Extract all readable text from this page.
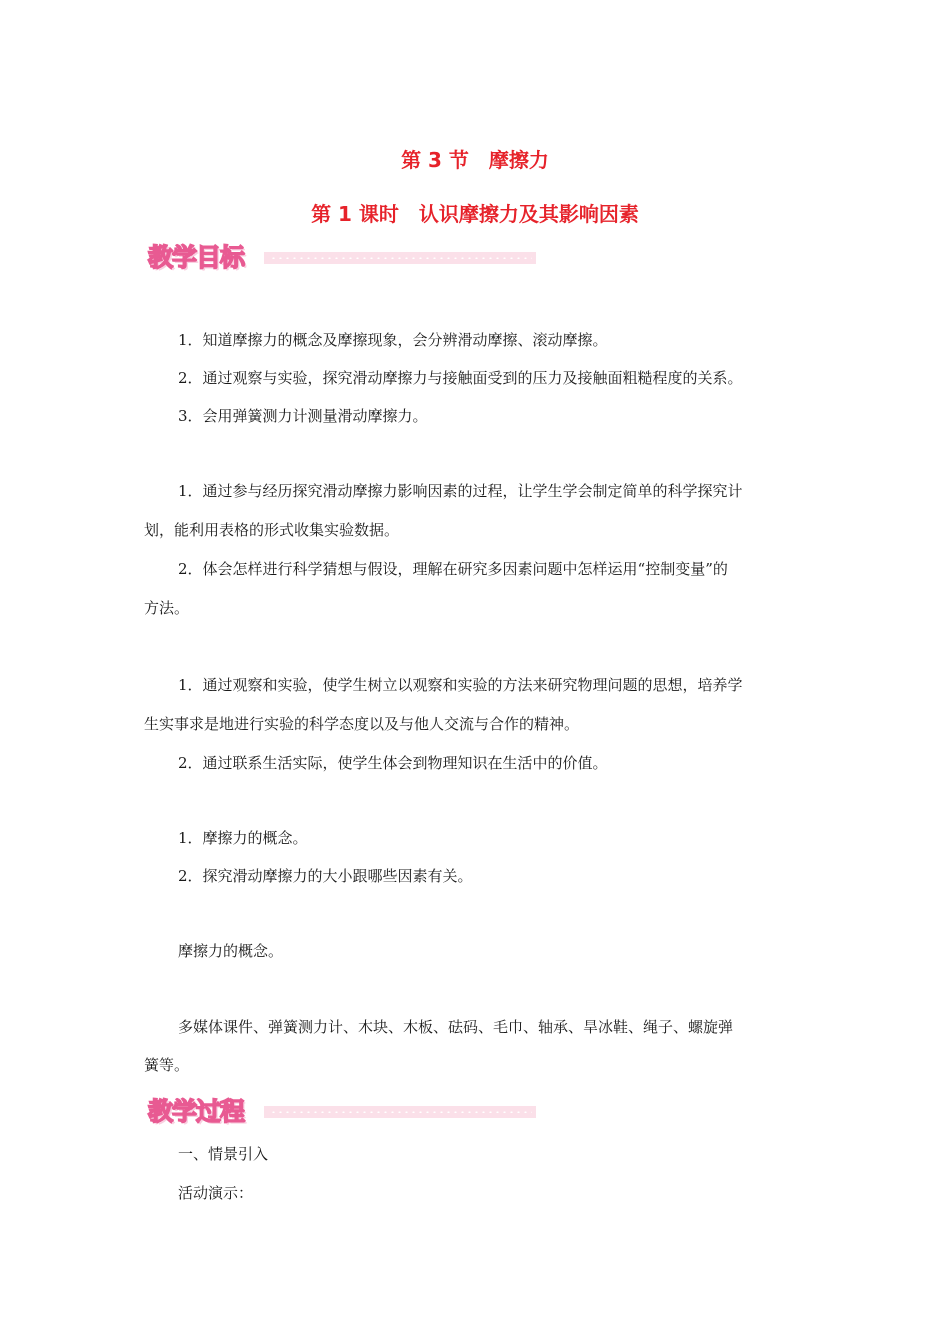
第 3 节　摩擦力
第 1 课时　认识摩擦力及其影响因素
教学目标
1．知道摩擦力的概念及摩擦现象，会分辨滑动摩擦、滚动摩擦。
2．通过观察与实验，探究滑动摩擦力与接触面受到的压力及接触面粗糙程度的关系。
3．会用弹簧测力计测量滑动摩擦力。
1．通过参与经历探究滑动摩擦力影响因素的过程，让学生学会制定简单的科学探究计
划，能利用表格的形式收集实验数据。
2．体会怎样进行科学猜想与假设，理解在研究多因素问题中怎样运用“控制变量”的
方法。
1．通过观察和实验，使学生树立以观察和实验的方法来研究物理问题的思想，培养学
生实事求是地进行实验的科学态度以及与他人交流与合作的精神。
2．通过联系生活实际，使学生体会到物理知识在生活中的价值。
1．摩擦力的概念。
2．探究滑动摩擦力的大小跟哪些因素有关。
摩擦力的概念。
多媒体课件、弹簧测力计、木块、木板、砝码、毛巾、轴承、旱冰鞋、绳子、螺旋弹
簧等。
教学过程
一、情景引入
活动演示：
